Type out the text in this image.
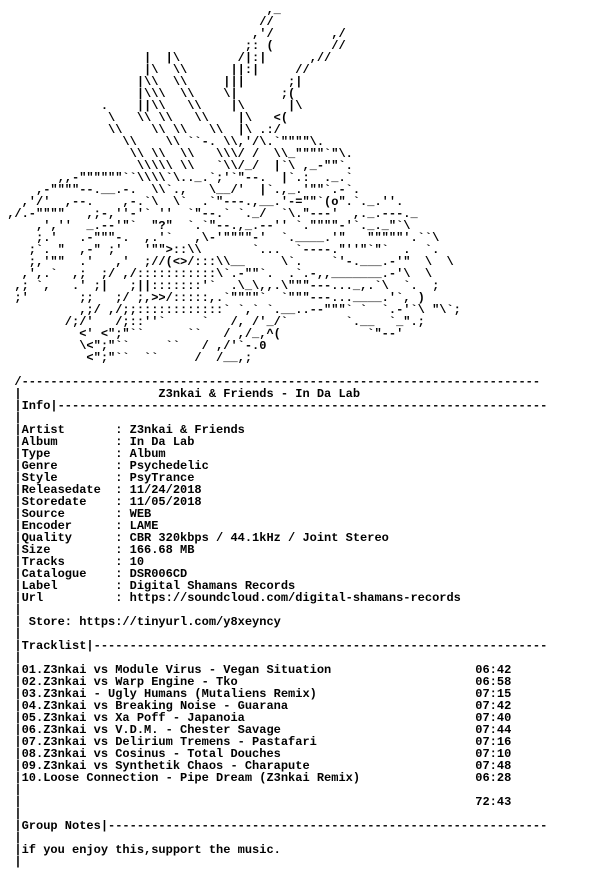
,_
//
,'/        ,/
;: (        //
|  |\        /|:|      ,//
|\  \\      ||:|     //
|\\  \\     |||      ;|
|\\\  \\    \|      ;(
.    ||\\   \\    |\      |\
\   \\ \\   \\    |\   <(
\\    \\ \\   \\  |\ .:/
\\    \\ ``-. \\,'/\.`""""\.
\\ \\  \\   \\\/ /  \\_""""`"\.
\\\\\ \\   `\\/_/  |`\ ,_-""`.
,,-""""""``\\\\`\.._.`;'`"--.  |`.:  ._.`
,-""""--.__.-.  \\`.,   \__/'  |`.,_.'""`.-`.
,'/'  ,--.    ,-.`\  \`  .`"---.,__.'-=""`(o".`._.''.
,/.-""""   ,;-,''-'` ''  `"--.` `._/  `\."---'  ,._.---._
,',''  _.--'"`  "?"  `.`"--.,_.--'' `.""""-'`._._"`\
;.'   .-"""-.  ,.'`   ,\-'""""-'  `.____.'"   """""'.``\
;`. "  ,-" ;'   '"">::\\       `...  `----."''"`"`  .  `.
;,'""  .'   ,'  ;//(<>/:::\\__     \`.    `'-.___.-'"  \  \
,',.`  ,;  ;/ ,/:::::::::::\`.-""`.  .`.-,,_______.-'\  \
,; `,   .' ;|   ;||:::::::'`  .\_\,,.\"""---..._,.`\  `.  ;
;'       ;;   ;/ ;,>>/:::::,.`""""`  `"""---...____.'`, )
,;/ ,/;;::::::::::::` `,` `.__..--"""` `  `.-'`\ "\`;
/;/'   /;::''`     `   /, /'_/`        `.__  `_".;
<' <";"``      ``   / ,/_,^(            `"--'
\<";"``     ``   / ,/'`-.0
<";"``  ``     /  /__,;

/------------------------------------------------------------------------
|                   Z3nkai & Friends - In Da Lab
|Info|--------------------------------------------------------------------
|
|Artist       : Z3nkai & Friends
|Album        : In Da Lab
|Type         : Album
|Genre        : Psychedelic
|Style        : PsyTrance
|Releasedate  : 11/24/2018
|Storedate    : 11/05/2018
|Source       : WEB
|Encoder      : LAME
|Quality      : CBR 320kbps / 44.1kHz / Joint Stereo
|Size         : 166.68 MB
|Tracks       : 10
|Catalogue    : DSR006CD
|Label        : Digital Shamans Records
|Url          : https://soundcloud.com/digital-shamans-records
|
| Store: https://tinyurl.com/y8xeyncy
|
|Tracklist|---------------------------------------------------------------
|
|01.Z3nkai vs Module Virus - Vegan Situation                    06:42
|02.Z3nkai vs Warp Engine - Tko                                 06:58
|03.Z3nkai - Ugly Humans (Mutaliens Remix)                      07:15
|04.Z3nkai vs Breaking Noise - Guarana                          07:42
|05.Z3nkai vs Xa Poff - Japanoia                                07:40
|06.Z3nkai vs V.D.M. - Chester Savage                           07:44
|07.Z3nkai vs Delirium Tremens - Pastafari                      07:16
|08.Z3nkai vs Cosinus - Total Douches                           07:10
|09.Z3nkai vs Synthetik Chaos - Charapute                       07:48
|10.Loose Connection - Pipe Dream (Z3nkai Remix)                06:28
|
|                                                               72:43
|
|Group Notes|-------------------------------------------------------------
|
|if you enjoy this,support the music.
|
